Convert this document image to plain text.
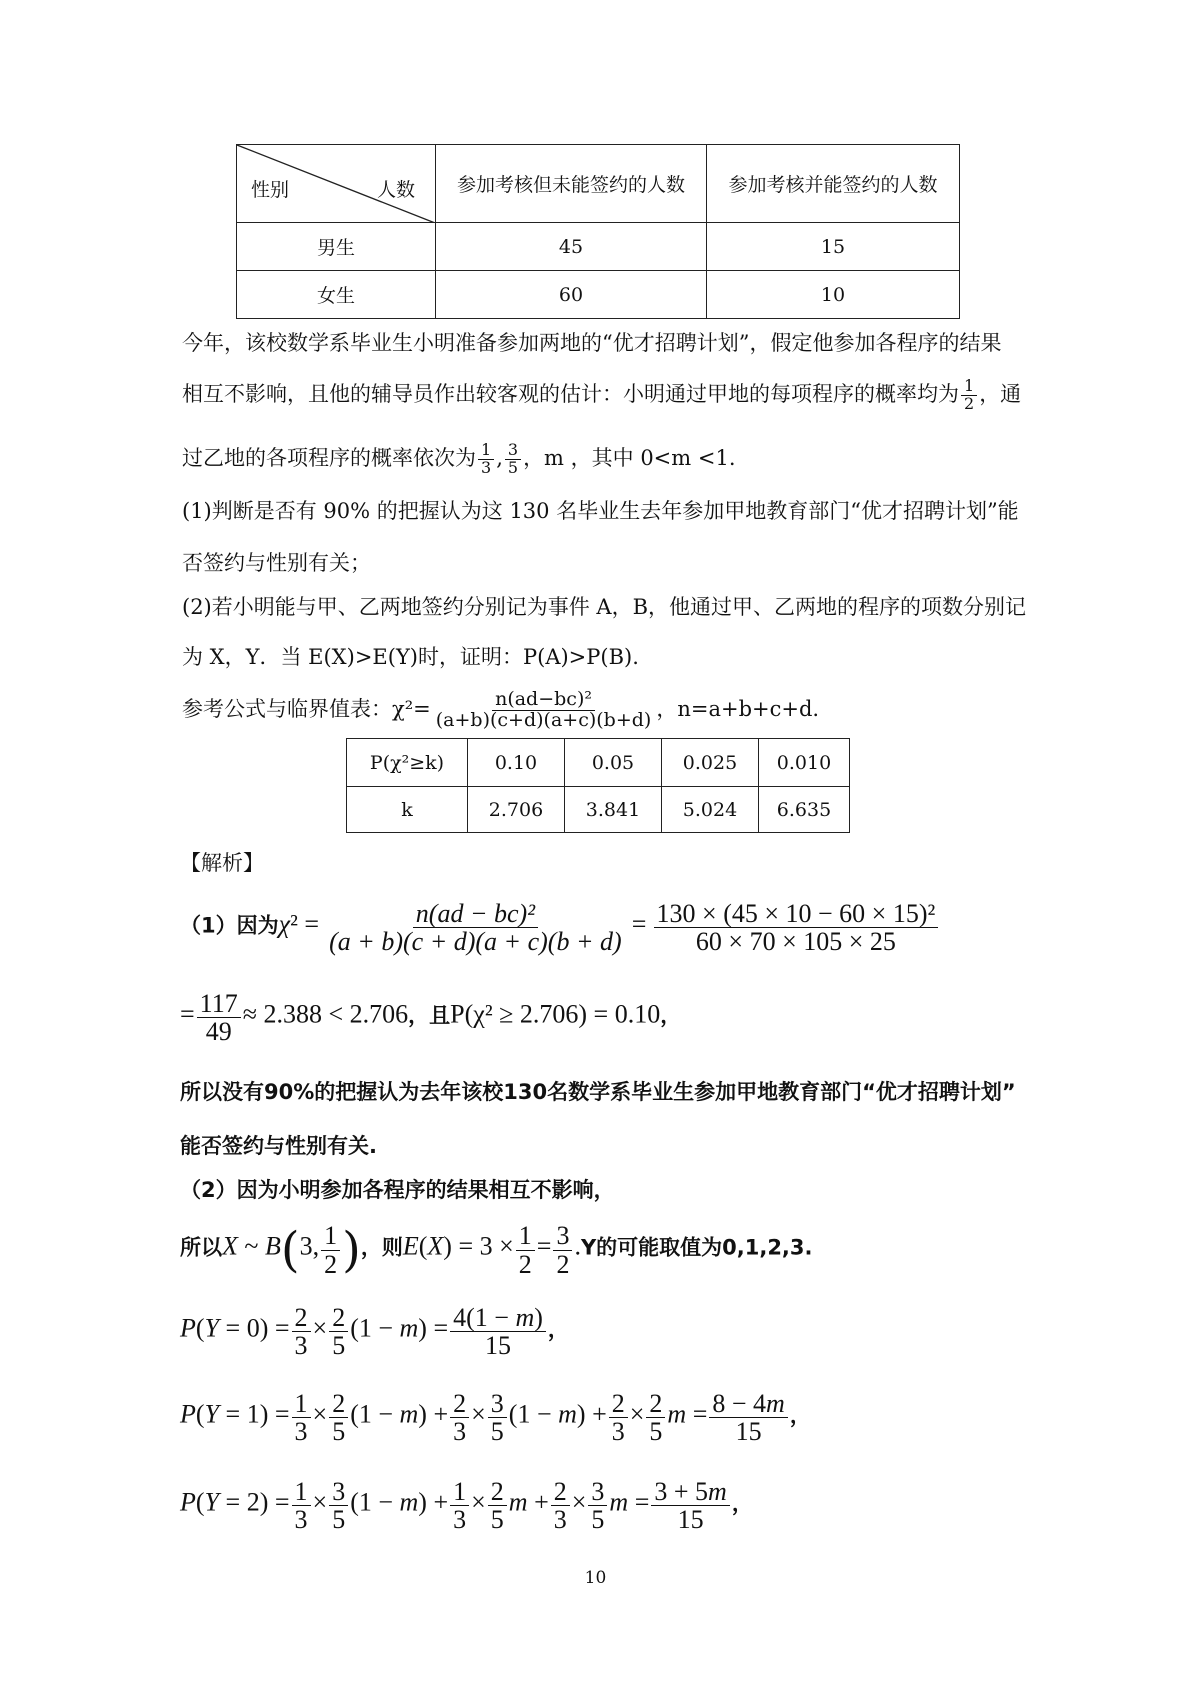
性别 人数	参加考核但未能签约的人数	参加考核并能签约的人数
男生	45	15
女生	60	10
今年，该校数学系毕业生小明准备参加两地的“优才招聘计划”，假定他参加各程序的结果
相互不影响，且他的辅导员作出较客观的估计：小明通过甲地的每项程序的概率均为 $\frac{1}{2}$ ，通
过乙地的各项程序的概率依次为 $\frac{1}{3}$ , $\frac{3}{5}$ ，m ，其中 0<m <1.
(1)判断是否有 90% 的把握认为这 130 名毕业生去年参加甲地教育部门“优才招聘计划”能
否签约与性别有关；
(2)若小明能与甲、乙两地签约分别记为事件 A，B，他通过甲、乙两地的程序的项数分别记
为 X，Y．当 E(X)>E(Y)时，证明：P(A)>P(B).
参考公式与临界值表：$\chi^2= \frac{\text{n(ad−bc)²}}{(a+b)(c+d)(a+c)(b+d)}$ ，n=a+b+c+d.
P(χ²≥k)	0.10	0.05	0.025	0.010
k	2.706	3.841	5.024	6.635
【解析】
（1）因为$\chi^2 = \frac{\text{n(ad − bc)²}}{(a + b)(c + d)(a + c)(b + d)} = \frac{\text{130 × (45 × 10 − 60 × 15)²}}{60 \times 70 \times 105 \times 25}$
= $\frac{117}{49} \approx 2.388 < 2.706$，且P(χ² ≥ 2.706) = 0.10，
所以没有90%的把握认为去年该校130名数学系毕业生参加甲地教育部门“优才招聘计划”
能否签约与性别有关.
（2）因为小明参加各程序的结果相互不影响，
所以X ~ B(3, $\frac{1}{2}$ )，则$E(X) = 3 \times \frac{1}{2} = \frac{3}{2} .Y$的可能取值为0,1,2,3.
$P(Y = 0) = \frac{2}{3} \times \frac{2}{5} (1 - m) = \frac{4(1 - m)}{15}$ ，
$P(Y = 1) = \frac{1}{3} \times \frac{2}{5} (1 - m) + \frac{2}{3} \times \frac{3}{5} (1 - m) + \frac{2}{3} \times \frac{2}{5}$ $m = \frac{8 - 4m}{15}$ ，
$P(Y = 2) = \frac{1}{3} \times \frac{3}{5} (1 - m) + \frac{1}{3} \times \frac{2}{5}$ $m + \frac{2}{3} \times \frac{3}{5}$ $m = \frac{3 + 5m}{15}$ ，
10
